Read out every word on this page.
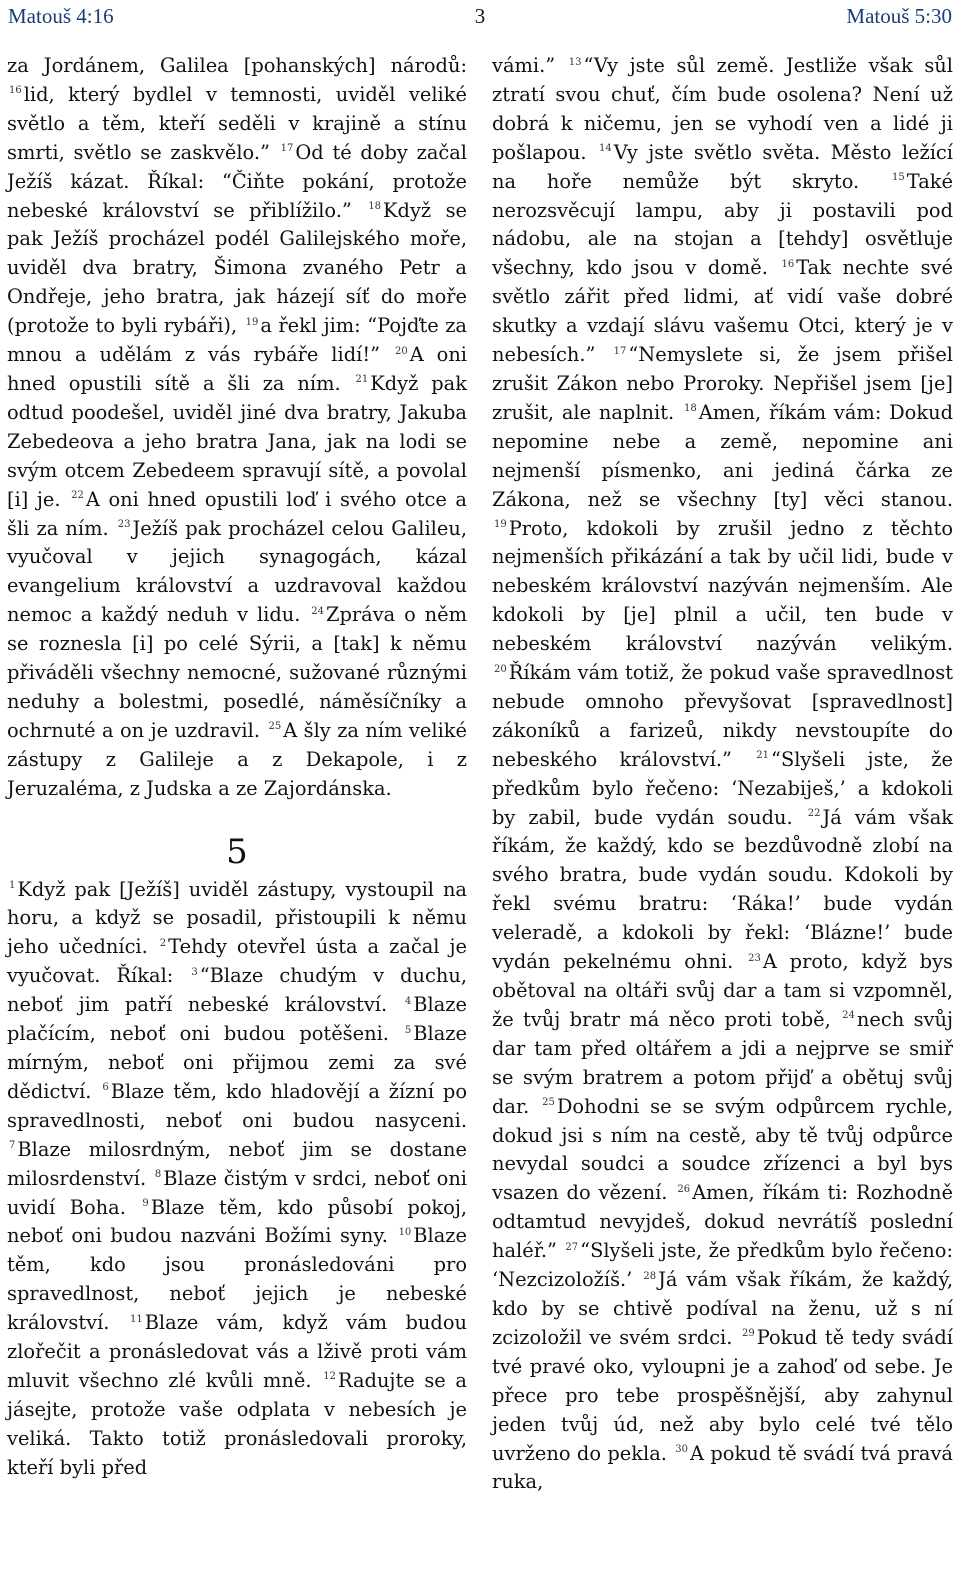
Matouš 4:16	3	Matouš 5:30

za Jordánem, Galilea [pohanských] národů: $^{16}$ lid, který bydlel v temnosti, uviděl veliké světlo a těm, kteří seděli v krajině a stínu smrti, světlo se zaskvělo.” $^{17}$ Od té doby začal Ježíš kázat. Říkal: “Čiňte pokání, protože nebeské království se přiblížilo.” $^{18}$ Když se pak Ježíš procházel podél Galilejského moře, uviděl dva bratry, Šimona zvaného Petr a Ondřeje, jeho bratra, jak házejí síť do moře (protože to byli rybáři), $^{19}$ a řekl jim: “Pojďte za mnou a udělám z vás rybáře lidí!” $^{20}$ A oni hned opustili sítě a šli za ním. $^{21}$ Když pak odtud poodešel, uviděl jiné dva bratry, Jakuba Zebedeova a jeho bratra Jana, jak na lodi se svým otcem Zebedeem spravují sítě, a povolal [i] je. $^{22}$ A oni hned opustili loď i svého otce a šli za ním. $^{23}$ Ježíš pak procházel celou Galileu, vyučoval v jejich synagogách, kázal evangelium království a uzdravoval každou nemoc a každý neduh v lidu. $^{24}$ Zpráva o něm se roznesla [i] po celé Sýrii, a [tak] k němu přiváděli všechny nemocné, sužované různými neduhy a bolestmi, posedlé, náměsíčníky a ochrnuté a on je uzdravil. $^{25}$ A šly za ním veliké zástupy z Galileje a z Dekapole, i z Jeruzaléma, z Judska a ze Zajordánska.

5

$^1$ Když pak [Ježíš] uviděl zástupy, vystoupil na horu, a když se posadil, přistoupili k němu jeho učedníci. $^2$ Tehdy otevřel ústa a začal je vyučovat. Říkal: $^3$ “Blaze chudým v duchu, neboť jim patří nebeské království. $^4$ Blaze plačícím, neboť oni budou potěšeni. $^5$ Blaze mírným, neboť oni přijmou zemi za své dědictví. $^6$ Blaze těm, kdo hladovějí a žízní po spravedlnosti, neboť oni budou nasyceni. $^7$ Blaze milosrdným, neboť jim se dostane milosrdenství. $^8$ Blaze čistým v srdci, neboť oni uvidí Boha. $^9$ Blaze těm, kdo působí pokoj, neboť oni budou nazváni Božími syny. $^{10}$ Blaze těm, kdo jsou pronásledováni pro spravedlnost, neboť jejich je nebeské království. $^{11}$ Blaze vám, když vám budou zlořečit a pronásledovat vás a lživě proti vám mluvit všechno zlé kvůli mně. $^{12}$ Radujte se a jásejte, protože vaše odplata v nebesích je veliká. Takto totiž pronásledovali proroky, kteří byli před

vámi.” $^{13}$ “Vy jste sůl země. Jestliže však sůl ztratí svou chuť, čím bude osolena? Není už dobrá k ničemu, jen se vyhodí ven a lidé ji pošlapou. $^{14}$ Vy jste světlo světa. Město ležící na hoře nemůže být skryto.	$^{15}$ Také nerozsvěcují lampu, aby ji postavili pod nádobu, ale na stojan a [tehdy] osvětluje všechny, kdo jsou v domě. $^{16}$ Tak nechte své světlo zářit před lidmi, ať vidí vaše dobré skutky a vzdají slávu vašemu Otci, který je v nebesích.” $^{17}$ “Nemyslete si, že jsem přišel zrušit Zákon nebo Proroky. Nepřišel jsem [je] zrušit, ale naplnit. $^{18}$ Amen, říkám vám: Dokud nepomine nebe a země, nepomine ani nejmenší písmenko, ani jediná čárka ze Zákona, než se všechny [ty] věci stanou. $^{19}$ Proto, kdokoli by zrušil jedno z těchto nejmenších přikázání a tak by učil lidi, bude v nebeském království nazýván nejmenším. Ale kdokoli by [je] plnil a učil, ten bude v nebeském království nazýván velikým. $^{20}$ Říkám vám totiž, že pokud vaše spravedlnost nebude omnoho převyšovat [spravedlnost] zákoníků a farizeů, nikdy nevstoupíte do nebeského království.” $^{21}$ “Slyšeli jste, že předkům bylo řečeno: ‘Nezabiješ,’ a kdokoli by zabil, bude vydán soudu. $^{22}$ Já vám však říkám, že každý, kdo se bezdůvodně zlobí na svého bratra, bude vydán soudu. Kdokoli by řekl svému bratru: ‘Ráka!’ bude vydán veleradě, a kdokoli by řekl: ‘Blázne!’ bude vydán pekelnému ohni. $^{23}$ A proto, když bys obětoval na oltáři svůj dar a tam si vzpomněl, že tvůj bratr má něco proti tobě, $^{24}$ nech svůj dar tam před oltářem a jdi a nejprve se smiř se svým bratrem a potom přijď a obětuj svůj dar. $^{25}$ Dohodni se se svým odpůrcem rychle, dokud jsi s ním na cestě, aby tě tvůj odpůrce nevydal soudci a soudce zřízenci a byl bys vsazen do vězení. $^{26}$ Amen, říkám ti: Rozhodně odtamtud nevyjdeš, dokud nevrátíš poslední haléř.” $^{27}$ “Slyšeli jste, že předkům bylo řečeno: ‘Nezcizoložíš.’ $^{28}$ Já vám však říkám, že každý, kdo by se chtivě podíval na ženu, už s ní zcizoložil ve svém srdci. $^{29}$ Pokud tě tedy svádí tvé pravé oko, vyloupni je a zahoď od sebe. Je přece pro tebe prospěšnější, aby zahynul jeden tvůj úd, než aby bylo celé tvé tělo uvrženo do pekla. $^{30}$ A pokud tě svádí tvá pravá ruka,
